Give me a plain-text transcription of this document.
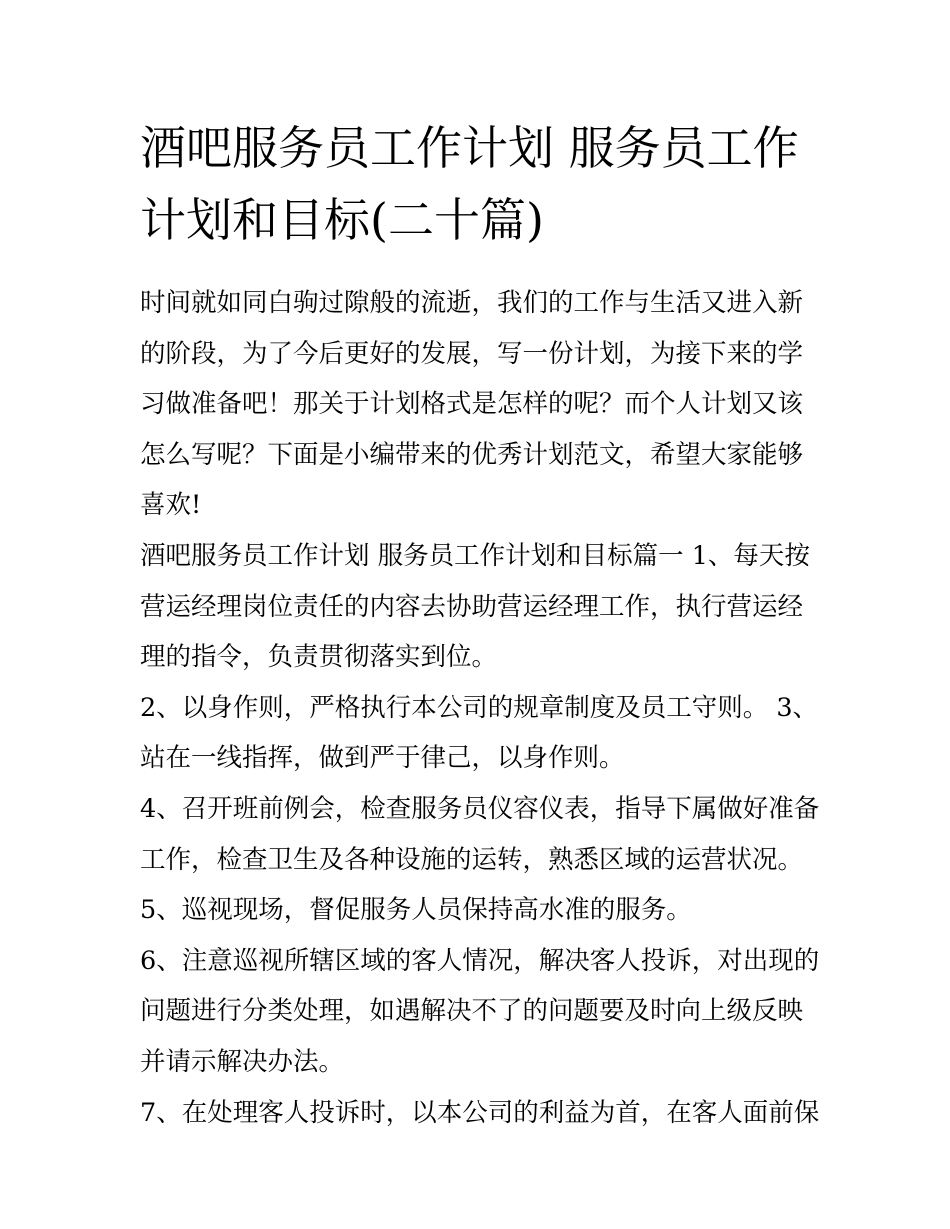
酒吧服务员工作计划 服务员工作计划和目标(二十篇)

时间就如同白驹过隙般的流逝，我们的工作与生活又进入新的阶段，为了今后更好的发展，写一份计划，为接下来的学习做准备吧！那关于计划格式是怎样的呢？而个人计划又该怎么写呢？下面是小编带来的优秀计划范文，希望大家能够喜欢!

酒吧服务员工作计划 服务员工作计划和目标篇一 1、每天按营运经理岗位责任的内容去协助营运经理工作，执行营运经理的指令，负责贯彻落实到位。

2、以身作则，严格执行本公司的规章制度及员工守则。 3、站在一线指挥，做到严于律己，以身作则。

4、召开班前例会，检查服务员仪容仪表，指导下属做好准备工作，检查卫生及各种设施的运转，熟悉区域的运营状况。

5、巡视现场，督促服务人员保持高水准的服务。

6、注意巡视所辖区域的客人情况，解决客人投诉，对出现的问题进行分类处理，如遇解决不了的问题要及时向上级反映并请示解决办法。

7、在处理客人投诉时，以本公司的利益为首，在客人面前保
